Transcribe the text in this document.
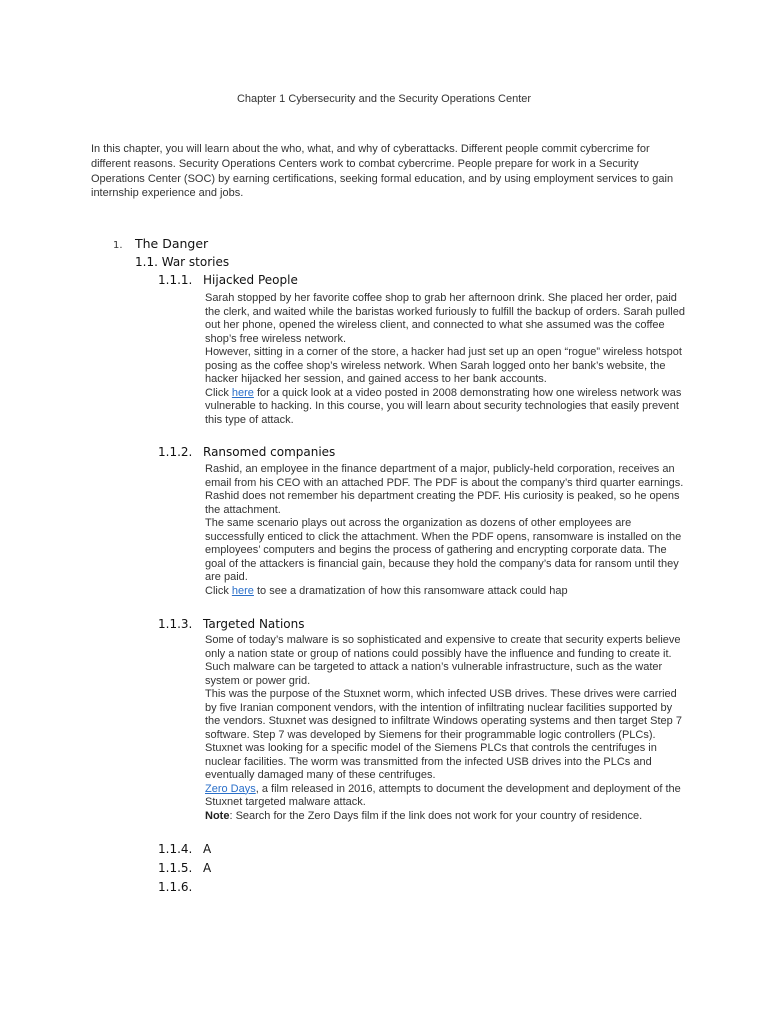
Chapter 1 Cybersecurity and the Security Operations Center
In this chapter, you will learn about the who, what, and why of cyberattacks. Different people commit cybercrime for different reasons. Security Operations Centers work to combat cybercrime. People prepare for work in a Security Operations Center (SOC) by earning certifications, seeking formal education, and by using employment services to gain internship experience and jobs.
1. The Danger
1.1. War stories
1.1.1. Hijacked People

Sarah stopped by her favorite coffee shop to grab her afternoon drink. She placed her order, paid the clerk, and waited while the baristas worked furiously to fulfill the backup of orders. Sarah pulled out her phone, opened the wireless client, and connected to what she assumed was the coffee shop’s free wireless network.

However, sitting in a corner of the store, a hacker had just set up an open “rogue” wireless hotspot posing as the coffee shop’s wireless network. When Sarah logged onto her bank’s website, the hacker hijacked her session, and gained access to her bank accounts.

Click here for a quick look at a video posted in 2008 demonstrating how one wireless network was vulnerable to hacking. In this course, you will learn about security technologies that easily prevent this type of attack.

1.1.2. Ransomed companies

Rashid, an employee in the finance department of a major, publicly-held corporation, receives an email from his CEO with an attached PDF. The PDF is about the company’s third quarter earnings. Rashid does not remember his department creating the PDF. His curiosity is peaked, so he opens the attachment.

The same scenario plays out across the organization as dozens of other employees are successfully enticed to click the attachment. When the PDF opens, ransomware is installed on the employees’ computers and begins the process of gathering and encrypting corporate data. The goal of the attackers is financial gain, because they hold the company’s data for ransom until they are paid.

Click here to see a dramatization of how this ransomware attack could hap

1.1.3. Targeted Nations

Some of today’s malware is so sophisticated and expensive to create that security experts believe only a nation state or group of nations could possibly have the influence and funding to create it. Such malware can be targeted to attack a nation’s vulnerable infrastructure, such as the water system or power grid.

This was the purpose of the Stuxnet worm, which infected USB drives. These drives were carried by five Iranian component vendors, with the intention of infiltrating nuclear facilities supported by the vendors. Stuxnet was designed to infiltrate Windows operating systems and then target Step 7 software. Step 7 was developed by Siemens for their programmable logic controllers (PLCs). Stuxnet was looking for a specific model of the Siemens PLCs that controls the centrifuges in nuclear facilities. The worm was transmitted from the infected USB drives into the PLCs and eventually damaged many of these centrifuges.

Zero Days, a film released in 2016, attempts to document the development and deployment of the Stuxnet targeted malware attack.

Note: Search for the Zero Days film if the link does not work for your country of residence.

1.1.4. A
1.1.5. A
1.1.6.
